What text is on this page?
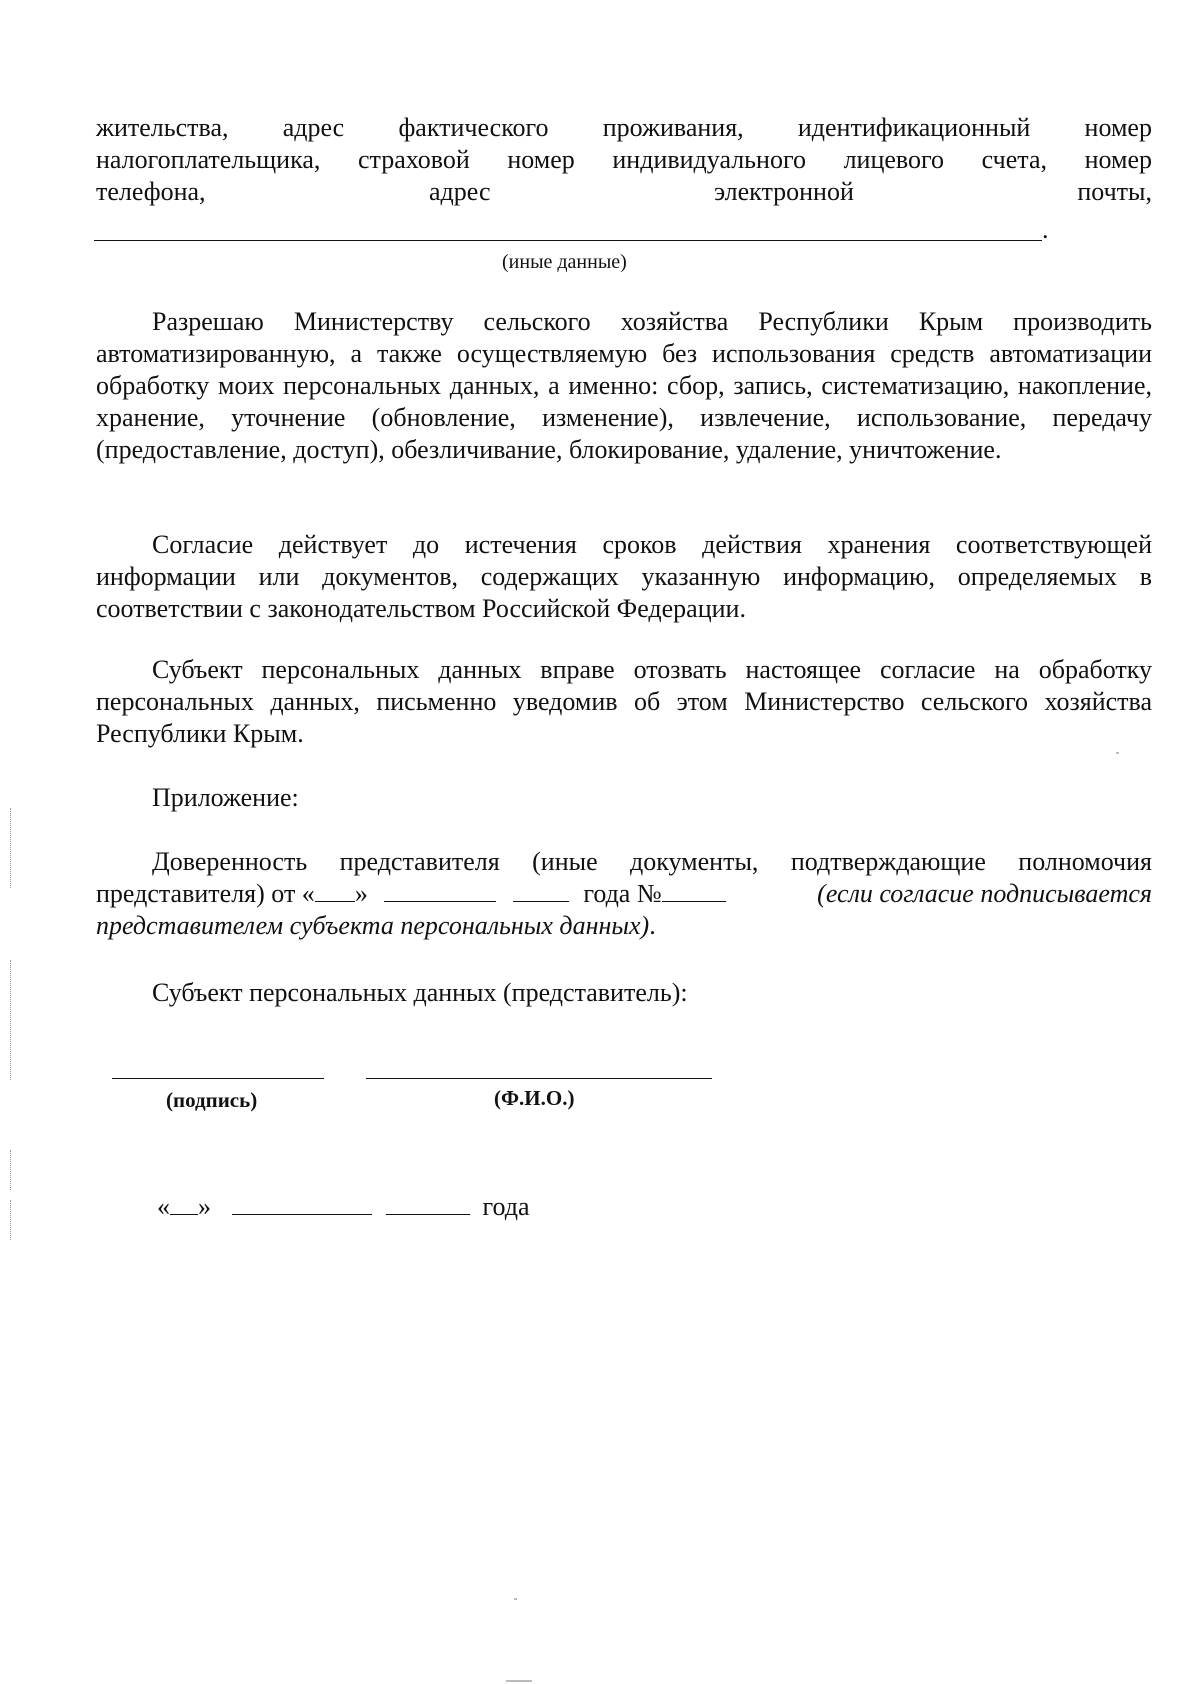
жительства, адрес фактического проживания, идентификационный номер
налогоплательщика, страховой номер индивидуального лицевого счета, номер
телефона,	адрес	электронной	почты,
.
(иные данные)

Разрешаю Министерству сельского хозяйства Республики Крым производить автоматизированную, а также осуществляемую без использования средств автоматизации обработку моих персональных данных, а именно: сбор, запись, систематизацию, накопление, хранение, уточнение (обновление, изменение), извлечение, использование, передачу (предоставление, доступ), обезличивание, блокирование, удаление, уничтожение.

Согласие действует до истечения сроков действия хранения соответствующей информации или документов, содержащих указанную информацию, определяемых в соответствии с законодательством Российской Федерации.

Субъект персональных данных вправе отозвать настоящее согласие на обработку персональных данных, письменно уведомив об этом Министерство сельского хозяйства Республики Крым.

Приложение:

Доверенность представителя (иные документы, подтверждающие полномочия
представителя) от « »	года №	(если согласие подписывается
представителем субъекта персональных данных).

Субъект персональных данных (представитель):

(подпись)	(Ф.И.О.)
« »	года
